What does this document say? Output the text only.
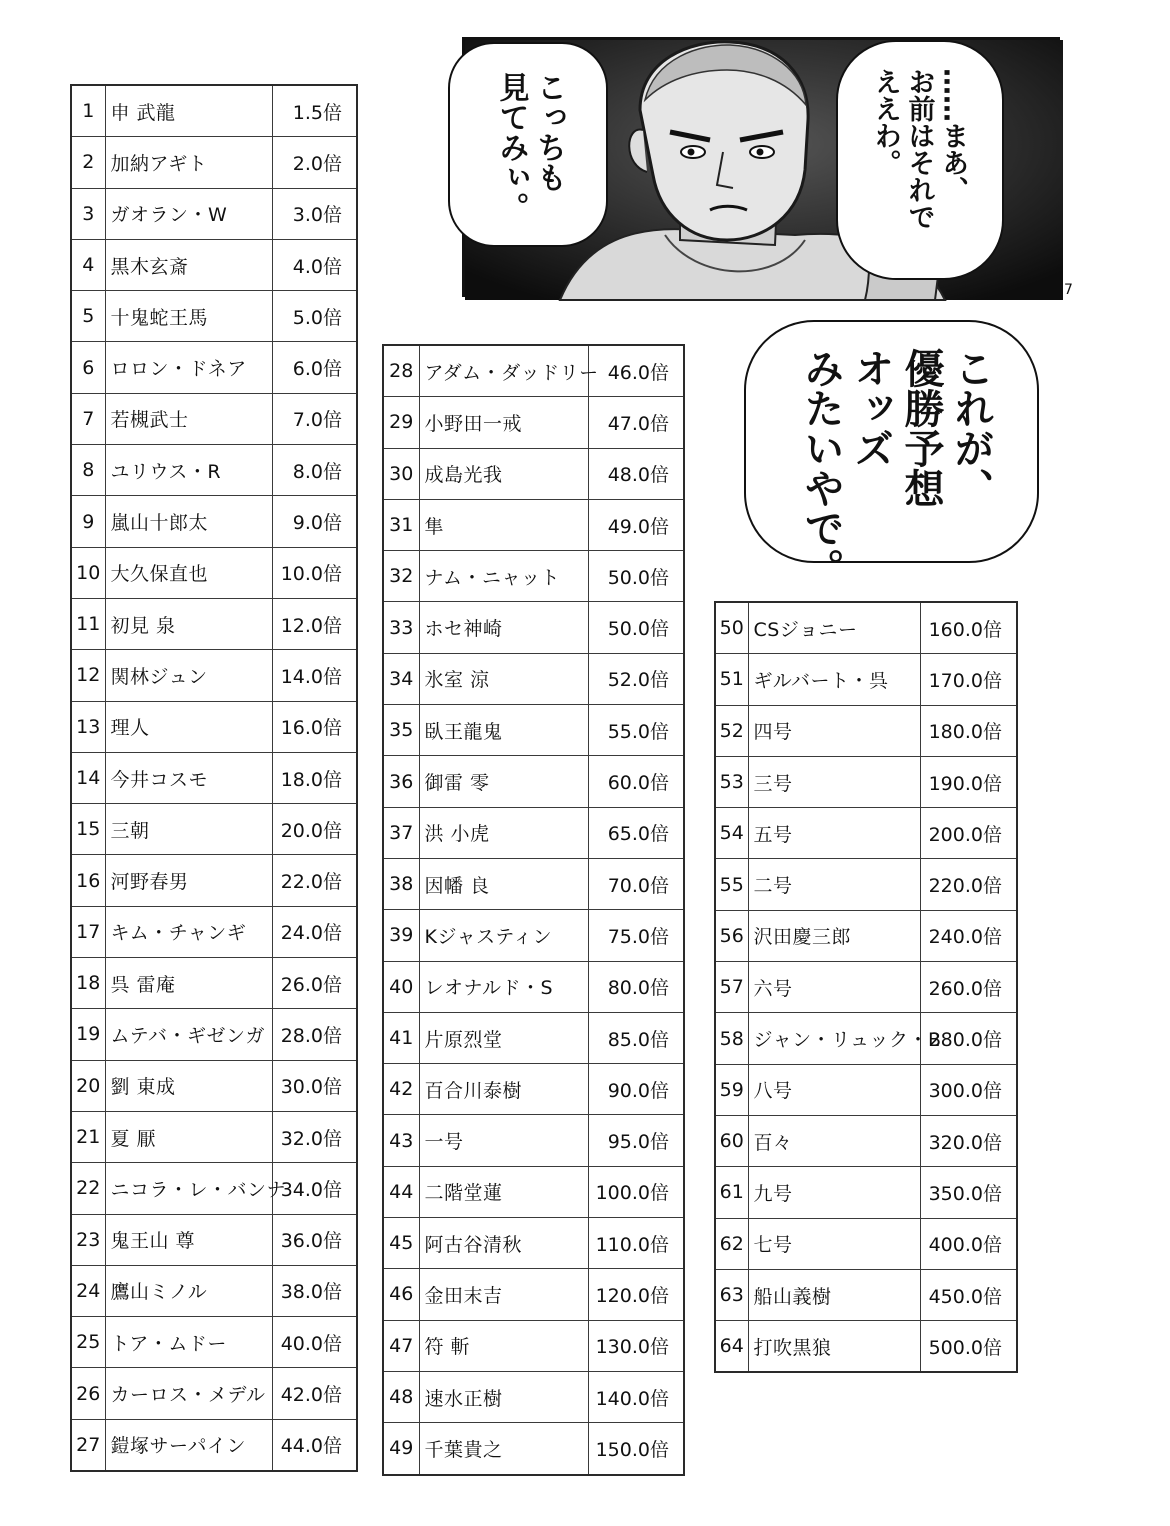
こっちも
見てみぃ。	……まあ、
お前はそれで
ええわ。
これが、
優勝予想
オッズ
みたいやで。
7
1	申 武龍	1.5倍
2	加納アギト	2.0倍
3	ガオラン・W	3.0倍
4	黒木玄斎	4.0倍
5	十鬼蛇王馬	5.0倍
6	ロロン・ドネア	6.0倍
7	若槻武士	7.0倍
8	ユリウス・R	8.0倍
9	嵐山十郎太	9.0倍
10	大久保直也	10.0倍
11	初見 泉	12.0倍
12	関林ジュン	14.0倍
13	理人	16.0倍
14	今井コスモ	18.0倍
15	三朝	20.0倍
16	河野春男	22.0倍
17	キム・チャンギ	24.0倍
18	呉 雷庵	26.0倍
19	ムテバ・ギゼンガ	28.0倍
20	劉 東成	30.0倍
21	夏 厭	32.0倍
22	ニコラ・レ・バンナ	34.0倍
23	鬼王山 尊	36.0倍
24	鷹山ミノル	38.0倍
25	トア・ムドー	40.0倍
26	カーロス・メデル	42.0倍
27	鎧塚サーパイン	44.0倍
28	アダム・ダッドリー	46.0倍
29	小野田一戒	47.0倍
30	成島光我	48.0倍
31	隼	49.0倍
32	ナム・ニャット	50.0倍
33	ホセ神崎	50.0倍
34	氷室 涼	52.0倍
35	臥王龍鬼	55.0倍
36	御雷 零	60.0倍
37	洪 小虎	65.0倍
38	因幡 良	70.0倍
39	Kジャスティン	75.0倍
40	レオナルド・S	80.0倍
41	片原烈堂	85.0倍
42	百合川泰樹	90.0倍
43	一号	95.0倍
44	二階堂蓮	100.0倍
45	阿古谷清秋	110.0倍
46	金田末吉	120.0倍
47	符 斬	130.0倍
48	速水正樹	140.0倍
49	千葉貴之	150.0倍
50	CSジョニー	160.0倍
51	ギルバート・呉	170.0倍
52	四号	180.0倍
53	三号	190.0倍
54	五号	200.0倍
55	二号	220.0倍
56	沢田慶三郎	240.0倍
57	六号	260.0倍
58	ジャン・リュック・B	280.0倍
59	八号	300.0倍
60	百々	320.0倍
61	九号	350.0倍
62	七号	400.0倍
63	船山義樹	450.0倍
64	打吹黒狼	500.0倍
